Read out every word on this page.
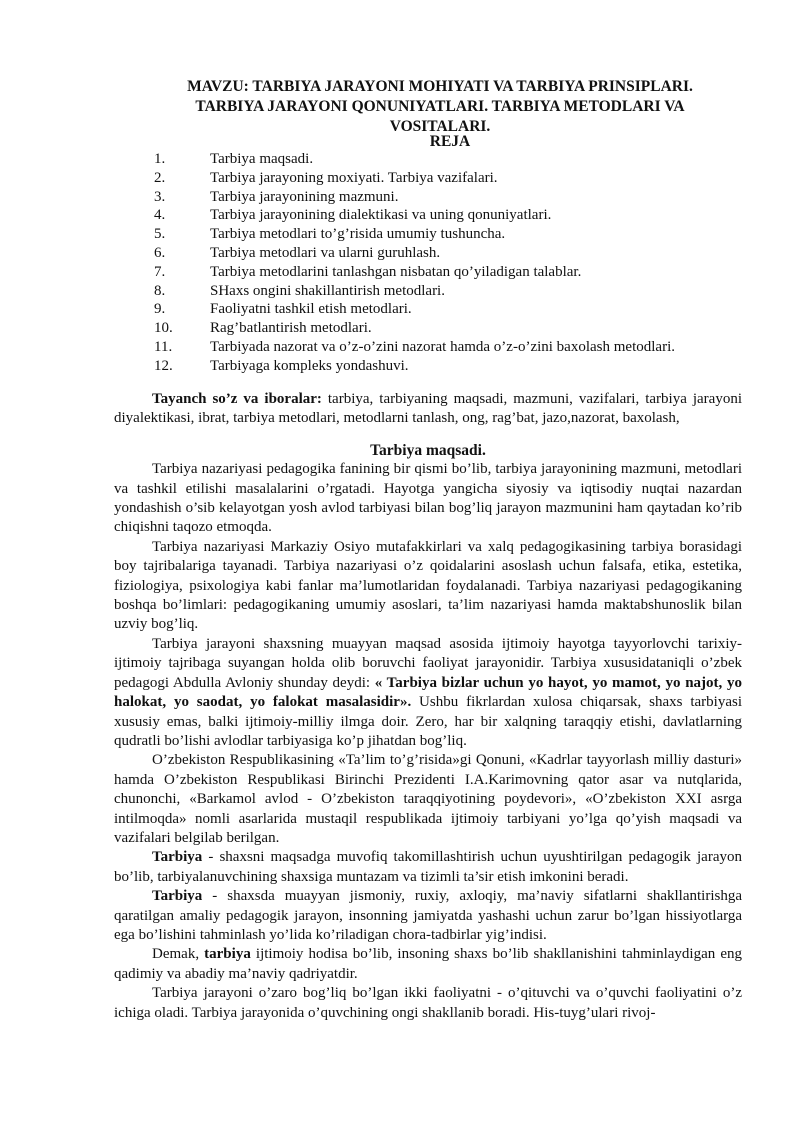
MAVZU: TARBIYA JARAYONI MOHIYATI VA TARBIYA PRINSIPLARI.
TARBIYA JARAYONI QONUNIYATLARI. TARBIYA METODLARI VA
VOSITALARI.
REJA
1.	Tarbiya maqsadi.
2.	Tarbiya jarayoning moxiyati. Tarbiya vazifalari.
3.	Tarbiya jarayonining mazmuni.
4.	Tarbiya jarayonining dialektikasi va uning qonuniyatlari.
5.	Tarbiya metodlari to’g’risida umumiy tushuncha.
6.	Tarbiya metodlari va ularni guruhlash.
7.	Tarbiya metodlarini tanlashgan nisbatan qo’yiladigan talablar.
8.	SHaxs ongini shakillantirish metodlari.
9.	Faoliyatni tashkil etish metodlari.
10. Rag’batlantirish metodlari.
11.	Tarbiyada nazorat va o’z-o’zini nazorat hamda o’z-o’zini baxolash metodlari.
12. Tarbiyaga kompleks yondashuvi.

Tayanch so’z va iboralar: tarbiya, tarbiyaning maqsadi, mazmuni, vazifalari, tarbiya jarayoni diyalektikasi, ibrat, tarbiya metodlari, metodlarni tanlash, ong, rag’bat, jazo,nazorat, baxolash,

Tarbiya maqsadi.

Tarbiya nazariyasi pedagogika fanining bir qismi bo’lib, tarbiya jarayonining mazmuni, metodlari va tashkil etilishi masalalarini o’rgatadi. Hayotga yangicha siyosiy va iqtisodiy nuqtai nazardan yondashish o’sib kelayotgan yosh avlod tarbiyasi bilan bog’liq jarayon mazmunini ham qaytadan ko’rib chiqishni taqozo etmoqda.

Tarbiya nazariyasi Markaziy Osiyo mutafakkirlari va xalq pedagogikasining tarbiya borasidagi boy tajribalariga tayanadi. Tarbiya nazariyasi o’z qoidalarini asoslash uchun falsafa, etika, estetika, fiziologiya, psixologiya kabi fanlar ma’lumotlaridan foydalanadi. Tarbiya nazariyasi pedagogikaning boshqa bo’limlari: pedagogikaning umumiy asoslari, ta’lim nazariyasi hamda maktabshunoslik bilan uzviy bog’liq.

Tarbiya jarayoni shaxsning muayyan maqsad asosida ijtimoiy hayotga tayyorlovchi tarixiy-ijtimoiy tajribaga suyangan holda olib boruvchi faoliyat jarayonidir. Tarbiya xususidataniqli o’zbek pedagogi Abdulla Avloniy shunday deydi: « Tarbiya bizlar uchun yo hayot, yo mamot, yo najot, yo halokat, yo saodat, yo falokat masalasidir». Ushbu fikrlardan xulosa chiqarsak, shaxs tarbiyasi xususiy emas, balki ijtimoiy-milliy ilmga doir. Zero, har bir xalqning taraqqiy etishi, davlatlarning qudratli bo’lishi avlodlar tarbiyasiga ko’p jihatdan bog’liq.

O’zbekiston Respublikasining «Ta’lim to’g’risida»gi Qonuni, «Kadrlar tayyorlash milliy dasturi» hamda O’zbekiston Respublikasi Birinchi Prezidenti I.A.Karimovning qator asar va nutqlarida, chunonchi, «Barkamol avlod - O’zbekiston taraqqiyotining poydevori», «O’zbekiston XXI asrga intilmoqda» nomli asarlarida mustaqil respublikada ijtimoiy tarbiyani yo’lga qo’yish maqsadi va vazifalari belgilab berilgan.

Tarbiya - shaxsni maqsadga muvofiq takomillashtirish uchun uyushtirilgan pedagogik jarayon bo’lib, tarbiyalanuvchining shaxsiga muntazam va tizimli ta’sir etish imkonini beradi.

Tarbiya - shaxsda muayyan jismoniy, ruxiy, axloqiy, ma’naviy sifatlarni shakllantirishga qaratilgan amaliy pedagogik jarayon, insonning jamiyatda yashashi uchun zarur bo’lgan hissiyotlarga ega bo’lishini tahminlash yo’lida ko’riladigan chora-tadbirlar yig’indisi.

Demak, tarbiya ijtimoiy hodisa bo’lib, insoning shaxs bo’lib shakllanishini tahminlaydigan eng qadimiy va abadiy ma’naviy qadriyatdir.

Tarbiya jarayoni o’zaro bog’liq bo’lgan ikki faoliyatni - o’qituvchi va o’quvchi faoliyatini o’z ichiga oladi. Tarbiya jarayonida o’quvchining ongi shakllanib boradi. His-tuyg’ulari rivoj-
